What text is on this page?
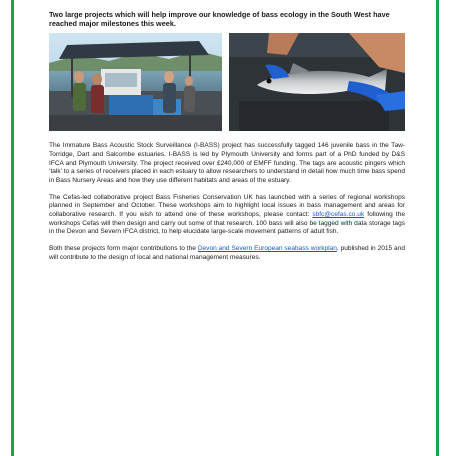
Two large projects which will help improve our knowledge of bass ecology in the South West have reached major milestones this week.

The Immature Bass Acoustic Stock Surveillance (I-BASS) project has successfully tagged 146 juvenile bass in the Taw-Torridge, Dart and Salcombe estuaries. I-BASS is led by Plymouth University and forms part of a PhD funded by D&S IFCA and Plymouth University. The project received over £240,000 of EMFF funding. The tags are acoustic pingers which ‘talk’ to a series of receivers placed in each estuary to allow researchers to understand in detail how much time bass spend in Bass Nursery Areas and how they use different habitats and areas of the estuary.

The Cefas-led collaborative project Bass Fisheries Conservation UK has launched with a series of regional workshops planned in September and October. These workshops aim to highlight local issues in bass management and areas for collaborative research. If you wish to attend one of these workshops, please contact: sbfc@cefas.co.uk following the workshops Cefas will then design and carry out some of that research. 100 bass will also be tagged with data storage tags in the Devon and Severn IFCA district, to help elucidate large-scale movement patterns of adult fish.

Both these projects form major contributions to the Devon and Severn European seabass workplan, published in 2015 and will contribute to the design of local and national management measures.
